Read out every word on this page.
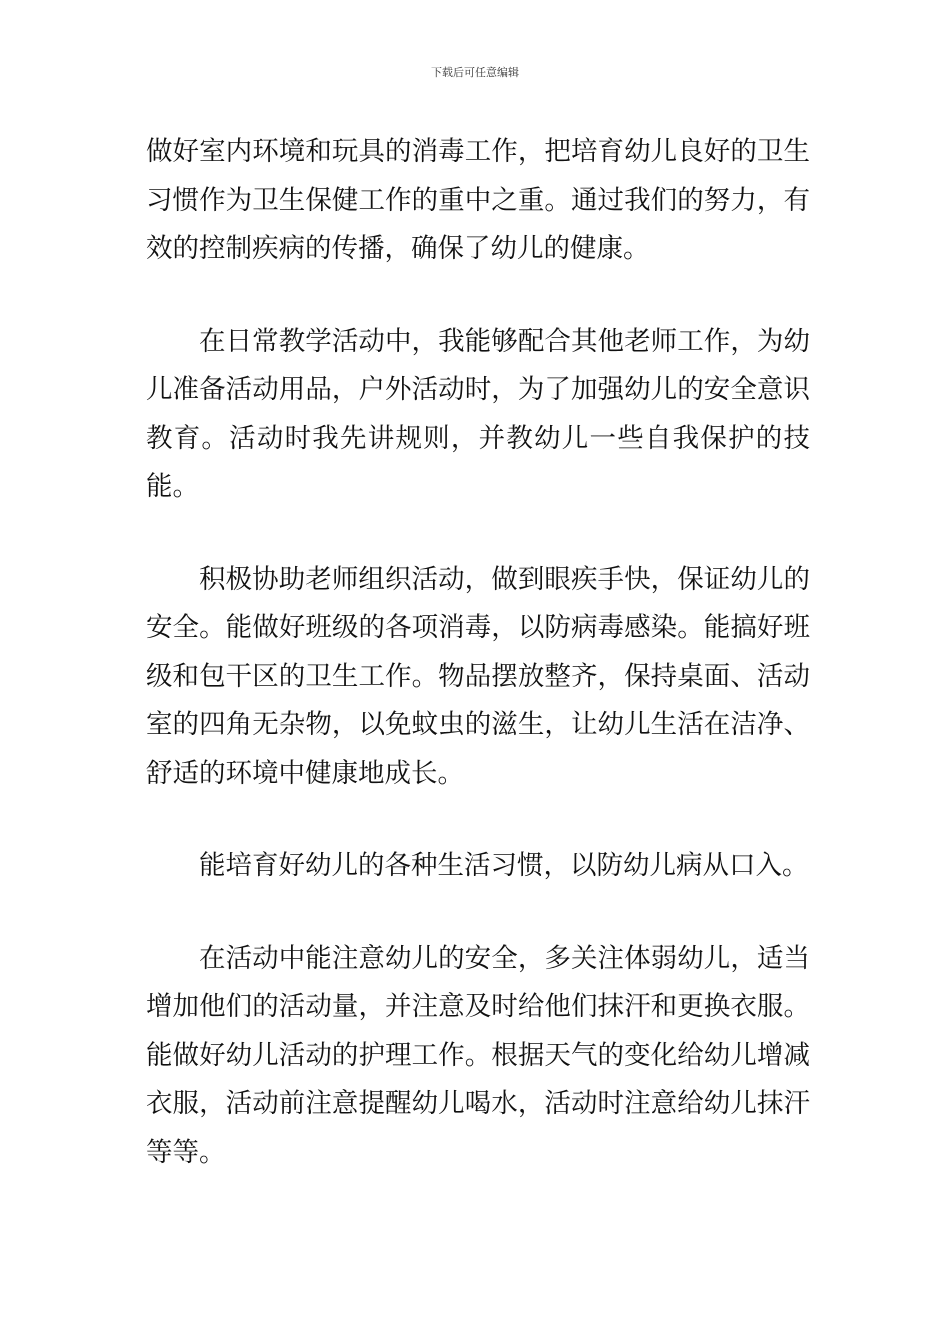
下载后可任意编辑

做好室内环境和玩具的消毒工作，把培育幼儿良好的卫生习惯作为卫生保健工作的重中之重。通过我们的努力，有效的控制疾病的传播，确保了幼儿的健康。

在日常教学活动中，我能够配合其他老师工作，为幼儿准备活动用品，户外活动时，为了加强幼儿的安全意识教育。活动时我先讲规则，并教幼儿一些自我保护的技能。

积极协助老师组织活动，做到眼疾手快，保证幼儿的安全。能做好班级的各项消毒，以防病毒感染。能搞好班级和包干区的卫生工作。物品摆放整齐，保持桌面、活动室的四角无杂物，以免蚊虫的滋生，让幼儿生活在洁净、舒适的环境中健康地成长。

能培育好幼儿的各种生活习惯，以防幼儿病从口入。

在活动中能注意幼儿的安全，多关注体弱幼儿，适当增加他们的活动量，并注意及时给他们抹汗和更换衣服。能做好幼儿活动的护理工作。根据天气的变化给幼儿增减衣服，活动前注意提醒幼儿喝水，活动时注意给幼儿抹汗等等。
